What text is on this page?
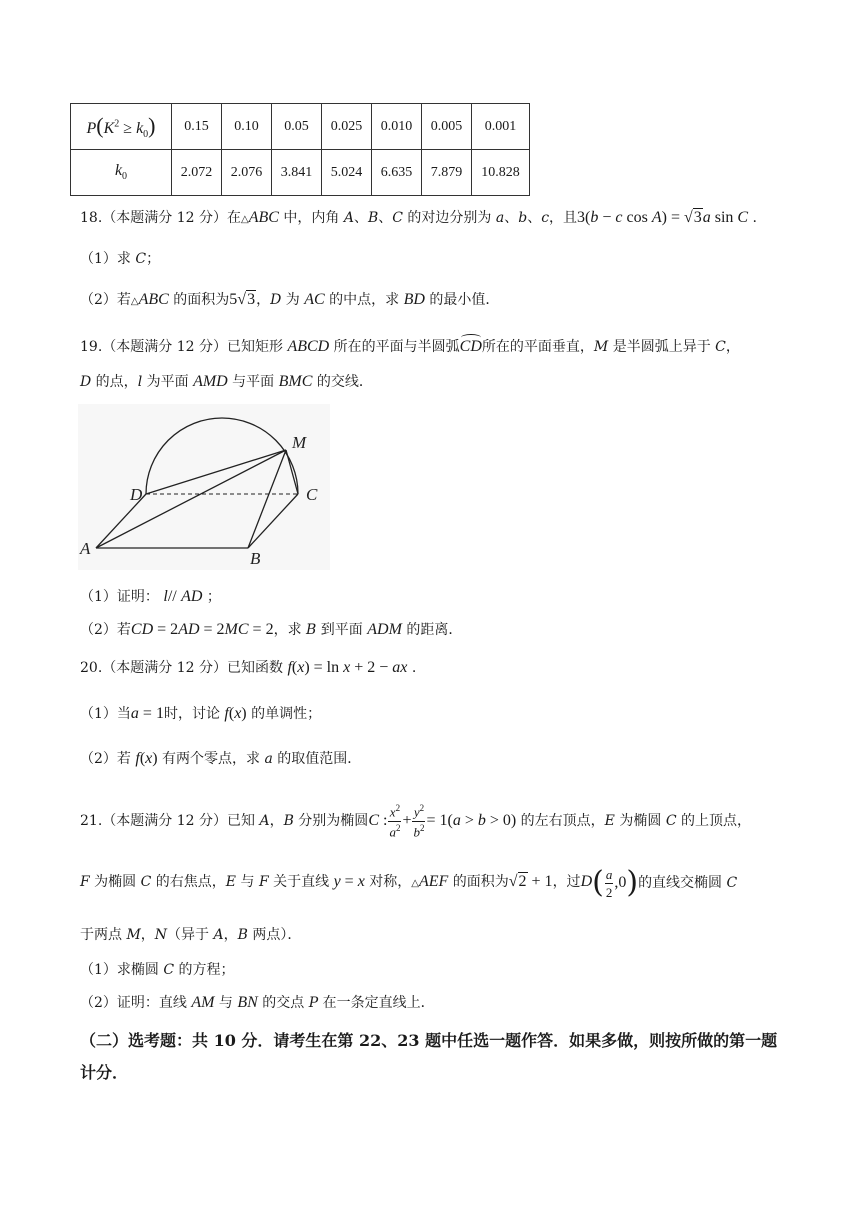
$P(K^2 \ge k_0)$	0.15	0.10	0.05	0.025	0.010	0.005	0.001
$k_0$	2.072	2.076	3.841	5.024	6.635	7.879	10.828
18.（本题满分 12 分）在△ABC 中，内角 A、B、C 的对边分别为 a、b、c，且3(b − c cos A) = √3a sin C .
（1）求 C；
（2）若△ABC 的面积为5√3，D 为 AC 的中点，求 BD 的最小值．
19.（本题满分 12 分）已知矩形 ABCD 所在的平面与半圆弧CD所在的平面垂直，M 是半圆弧上异于 C，
D 的点，l 为平面 AMD 与平面 BMC 的交线．
M
D	C
A
B
（1）证明： l// AD ；
（2）若CD = 2AD = 2MC = 2，求 B 到平面 ADM 的距离．
20.（本题满分 12 分）已知函数 f(x) = ln x + 2 − ax .
（1）当a = 1时，讨论 f(x) 的单调性；
（2）若 f(x) 有两个零点，求 a 的取值范围．
21.（本题满分 12 分）已知 A，B 分别为椭圆C : $\frac{x^2}{a^2} + \frac{y^2}{b^2} = 1(a > b > 0)$ 的左右顶点，E 为椭圆 C 的上顶点，
F 为椭圆 C 的右焦点，E 与 F 关于直线 y = x 对称，△AEF 的面积为√2 + 1，过D ( $\frac{a}{2} ,0$ ) 的直线交椭圆 C
于两点 M，N（异于 A，B 两点）．
（1）求椭圆 C 的方程；
（2）证明：直线 AM 与 BN 的交点 P 在一条定直线上．
（二）选考题：共 10 分．请考生在第 22、23 题中任选一题作答．如果多做，则按所做的第一题计分．
